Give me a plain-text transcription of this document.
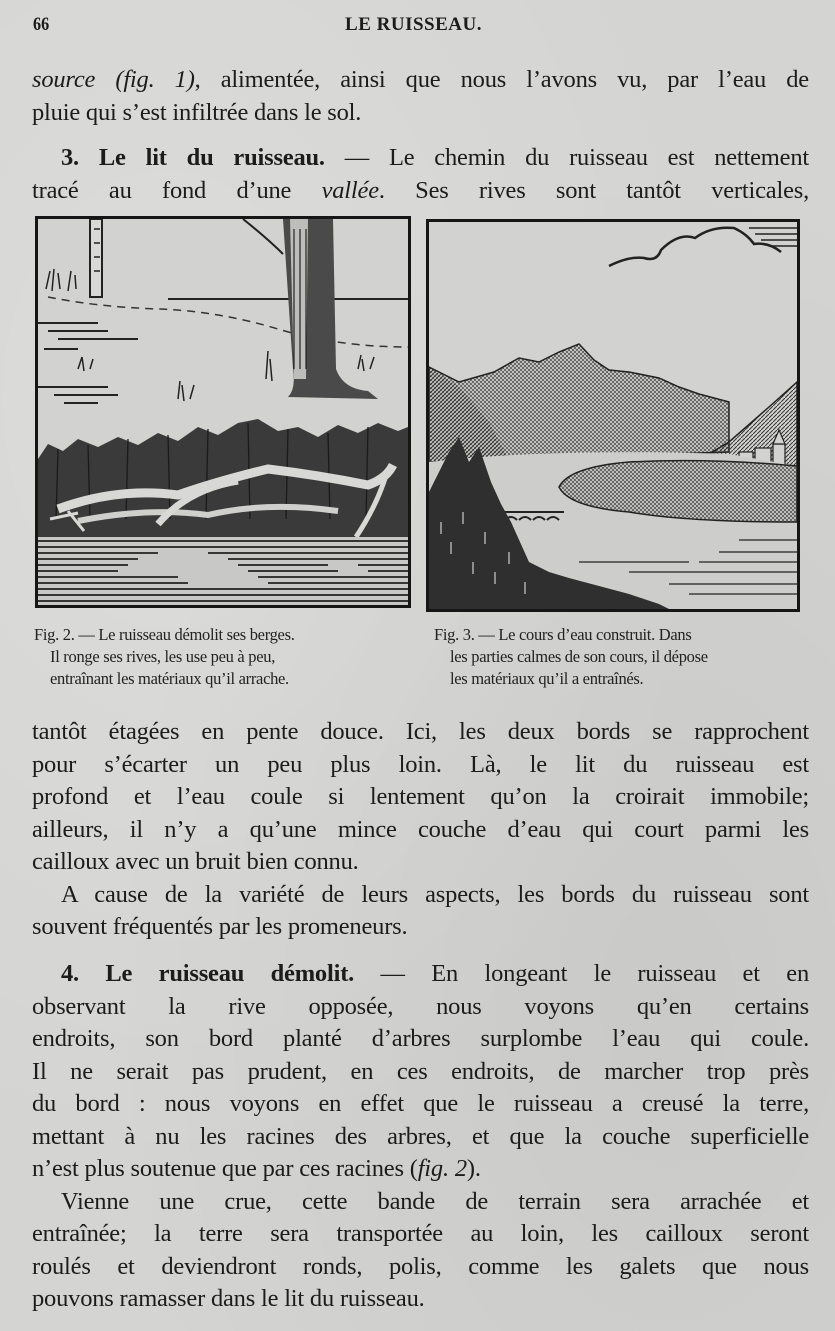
66	LE RUISSEAU.
source (fig. 1), alimentée, ainsi que nous l’avons vu, par l’eau de
pluie qui s’est infiltrée dans le sol.
3. Le lit du ruisseau. — Le chemin du ruisseau est nettement
tracé au fond d’une vallée. Ses rives sont tantôt verticales,
Fig. 2. — Le ruisseau démolit ses berges.
Il ronge ses rives, les use peu à peu,
entraînant les matériaux qu’il arrache.
Fig. 3. — Le cours d’eau construit. Dans
les parties calmes de son cours, il dépose
les matériaux qu’il a entraînés.
tantôt étagées en pente douce. Ici, les deux bords se rapprochent
pour s’écarter un peu plus loin. Là, le lit du ruisseau est
profond et l’eau coule si lentement qu’on la croirait immobile;
ailleurs, il n’y a qu’une mince couche d’eau qui court parmi les
cailloux avec un bruit bien connu.
A cause de la variété de leurs aspects, les bords du ruisseau sont
souvent fréquentés par les promeneurs.
4. Le ruisseau démolit. — En longeant le ruisseau et en
observant la rive opposée, nous voyons qu’en certains
endroits, son bord planté d’arbres surplombe l’eau qui coule.
Il ne serait pas prudent, en ces endroits, de marcher trop près
du bord : nous voyons en effet que le ruisseau a creusé la terre,
mettant à nu les racines des arbres, et que la couche superficielle
n’est plus soutenue que par ces racines (fig. 2).
Vienne une crue, cette bande de terrain sera arrachée et
entraînée; la terre sera transportée au loin, les cailloux seront
roulés et deviendront ronds, polis, comme les galets que nous
pouvons ramasser dans le lit du ruisseau.
